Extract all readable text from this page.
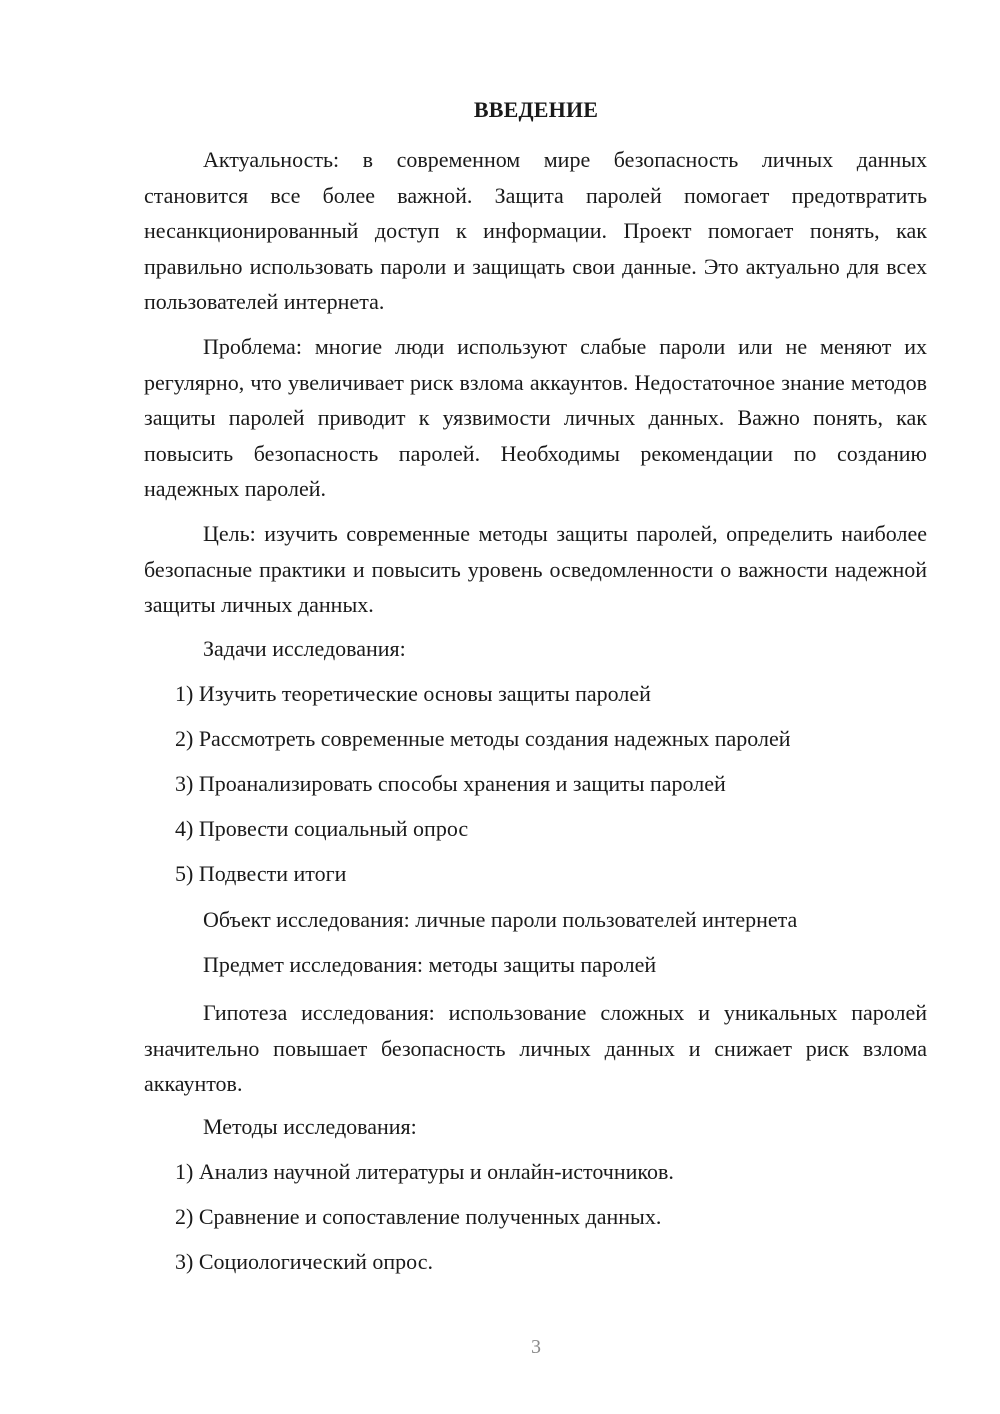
ВВЕДЕНИЕ

Актуальность: в современном мире безопасность личных данных становится все более важной. Защита паролей помогает предотвратить несанкционированный доступ к информации. Проект помогает понять, как правильно использовать пароли и защищать свои данные. Это актуально для всех пользователей интернета.

Проблема: многие люди используют слабые пароли или не меняют их регулярно, что увеличивает риск взлома аккаунтов. Недостаточное знание методов защиты паролей приводит к уязвимости личных данных. Важно понять, как повысить безопасность паролей. Необходимы рекомендации по созданию надежных паролей.

Цель: изучить современные методы защиты паролей, определить наиболее безопасные практики и повысить уровень осведомленности о важности надежной защиты личных данных.

Задачи исследования:

1) Изучить теоретические основы защиты паролей

2) Рассмотреть современные методы создания надежных паролей

3) Проанализировать способы хранения и защиты паролей

4) Провести социальный опрос

5) Подвести итоги

Объект исследования: личные пароли пользователей интернета

Предмет исследования: методы защиты паролей

Гипотеза исследования: использование сложных и уникальных паролей значительно повышает безопасность личных данных и снижает риск взлома аккаунтов.

Методы исследования:

1) Анализ научной литературы и онлайн-источников.

2) Сравнение и сопоставление полученных данных.

3) Социологический опрос.

3
